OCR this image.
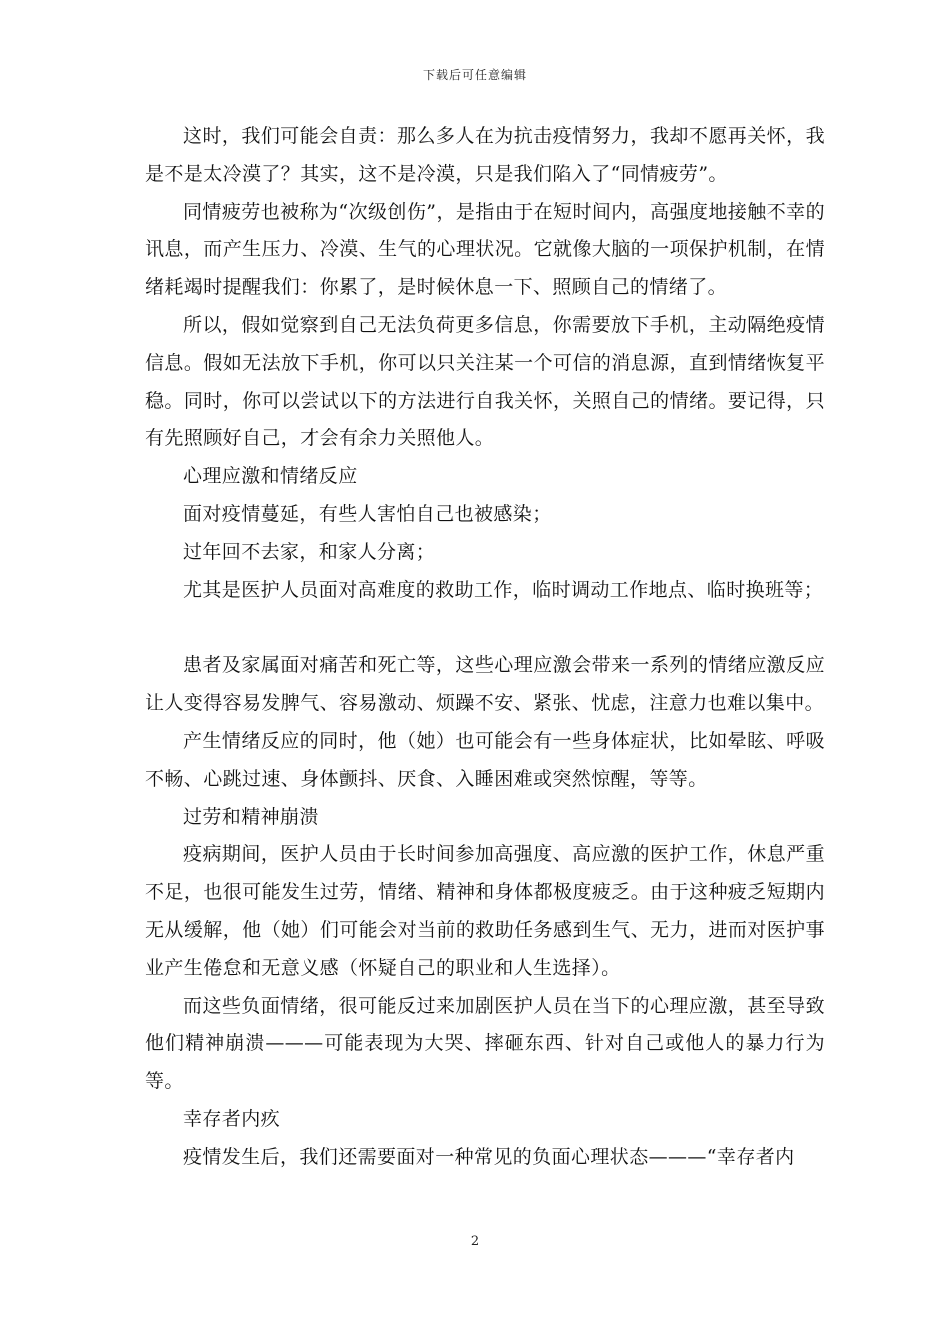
下载后可任意编辑

这时，我们可能会自责：那么多人在为抗击疫情努力，我却不愿再关怀，我是不是太冷漠了？其实，这不是冷漠，只是我们陷入了“同情疲劳”。

同情疲劳也被称为“次级创伤”，是指由于在短时间内，高强度地接触不幸的讯息，而产生压力、冷漠、生气的心理状况。它就像大脑的一项保护机制，在情绪耗竭时提醒我们：你累了，是时候休息一下、照顾自己的情绪了。

所以，假如觉察到自己无法负荷更多信息，你需要放下手机，主动隔绝疫情信息。假如无法放下手机，你可以只关注某一个可信的消息源，直到情绪恢复平稳。同时，你可以尝试以下的方法进行自我关怀，关照自己的情绪。要记得，只有先照顾好自己，才会有余力关照他人。

心理应激和情绪反应

面对疫情蔓延，有些人害怕自己也被感染；

过年回不去家，和家人分离；

尤其是医护人员面对高难度的救助工作，临时调动工作地点、临时换班等；

患者及家属面对痛苦和死亡等，这些心理应激会带来一系列的情绪应激反应让人变得容易发脾气、容易激动、烦躁不安、紧张、忧虑，注意力也难以集中。

产生情绪反应的同时，他（她）也可能会有一些身体症状，比如晕眩、呼吸不畅、心跳过速、身体颤抖、厌食、入睡困难或突然惊醒，等等。

过劳和精神崩溃

疫病期间，医护人员由于长时间参加高强度、高应激的医护工作，休息严重不足，也很可能发生过劳，情绪、精神和身体都极度疲乏。由于这种疲乏短期内无从缓解，他（她）们可能会对当前的救助任务感到生气、无力，进而对医护事业产生倦怠和无意义感（怀疑自己的职业和人生选择）。

而这些负面情绪，很可能反过来加剧医护人员在当下的心理应激，甚至导致他们精神崩溃———可能表现为大哭、摔砸东西、针对自己或他人的暴力行为等。

幸存者内疚

疫情发生后，我们还需要面对一种常见的负面心理状态———“幸存者内

2
